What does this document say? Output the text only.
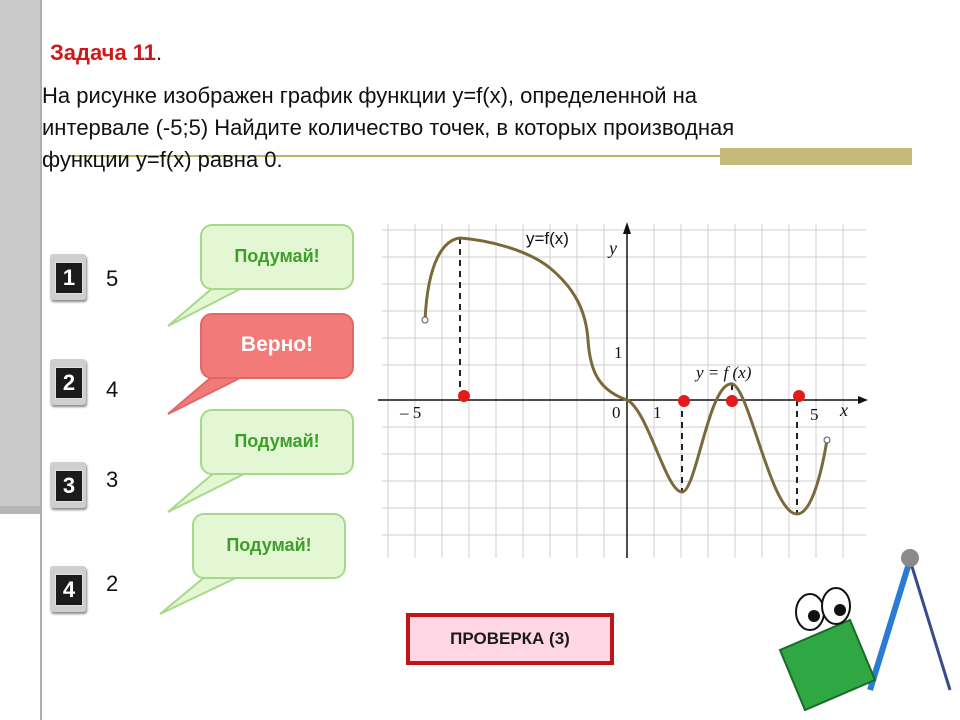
Задача 11.
На рисунке изображен график функции y=f(x), определенной на
интервале (-5;5) Найдите количество точек, в которых производная
функции y=f(x) равна 0.
1
2
3
4
5
4
3
2
Подумай!
Верно!
Подумай!
Подумай!
y=f(x) y
x
y = f (x)
– 5	0 1	5
1
ПРОВЕРКА (3)
